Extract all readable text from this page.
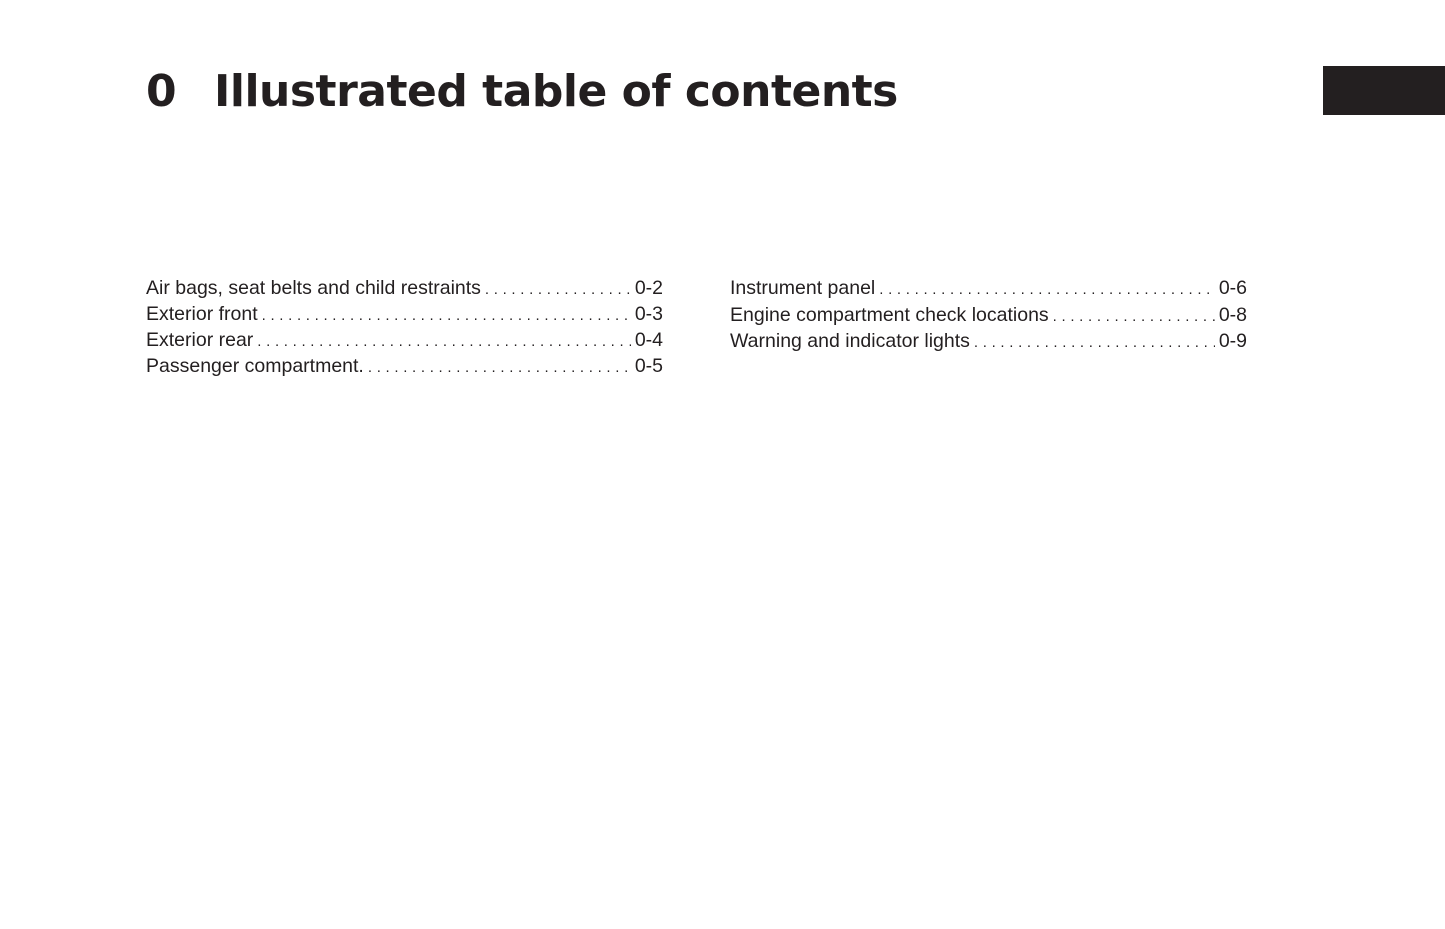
0 Illustrated table of contents
Air bags, seat belts and child restraints . . .	0-2
Exterior front . . .	0-3
Exterior rear . . .	0-4
Passenger compartment. . . .	0-5
Instrument panel . . .	0-6
Engine compartment check locations . . .	0-8
Warning and indicator lights . . .	0-9
